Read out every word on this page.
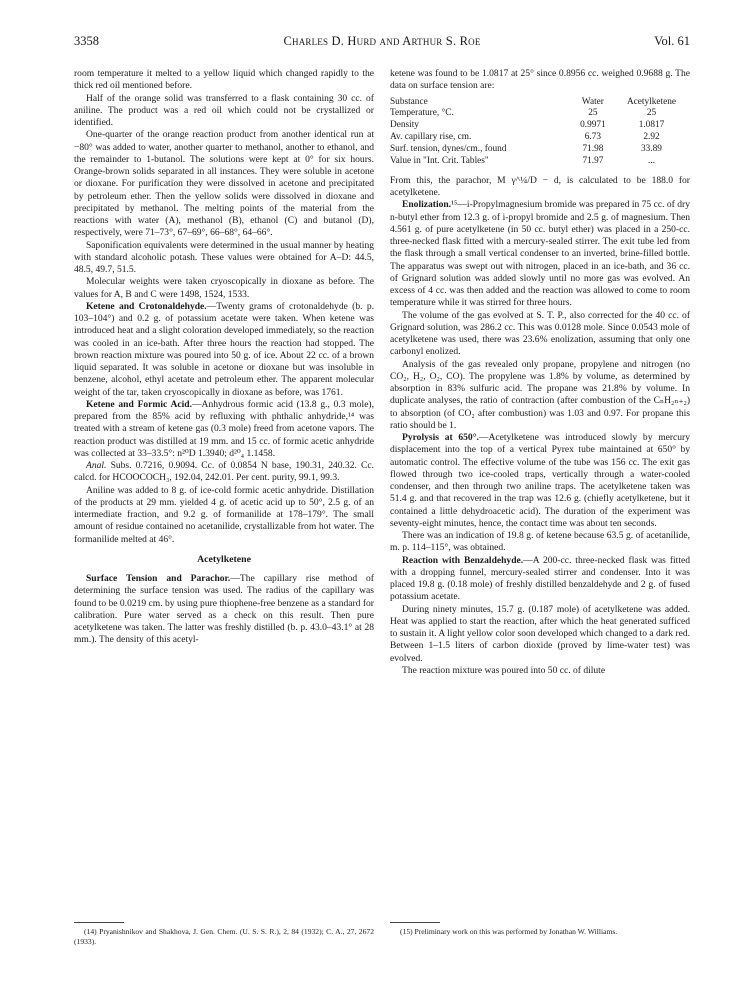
3358	Charles D. Hurd and Arthur S. Roe	Vol. 61

room temperature it melted to a yellow liquid which changed rapidly to the thick red oil mentioned before.

Half of the orange solid was transferred to a flask containing 30 cc. of aniline. The product was a red oil which could not be crystallized or identified.

One-quarter of the orange reaction product from another identical run at −80° was added to water, another quarter to methanol, another to ethanol, and the remainder to 1-butanol. The solutions were kept at 0° for six hours. Orange-brown solids separated in all instances. They were soluble in acetone or dioxane. For purification they were dissolved in acetone and precipitated by petroleum ether. Then the yellow solids were dissolved in dioxane and precipitated by methanol. The melting points of the material from the reactions with water (A), methanol (B), ethanol (C) and butanol (D), respectively, were 71–73°, 67–69°, 66–68°, 64–66°.

Saponification equivalents were determined in the usual manner by heating with standard alcoholic potash. These values were obtained for A–D: 44.5, 48.5, 49.7, 51.5.

Molecular weights were taken cryoscopically in dioxane as before. The values for A, B and C were 1498, 1524, 1533.

Ketene and Crotonaldehyde.—Twenty grams of crotonaldehyde (b. p. 103–104°) and 0.2 g. of potassium acetate were taken. When ketene was introduced heat and a slight coloration developed immediately, so the reaction was cooled in an ice-bath. After three hours the reaction had stopped. The brown reaction mixture was poured into 50 g. of ice. About 22 cc. of a brown liquid separated. It was soluble in acetone or dioxane but was insoluble in benzene, alcohol, ethyl acetate and petroleum ether. The apparent molecular weight of the tar, taken cryoscopically in dioxane as before, was 1761.

Ketene and Formic Acid.—Anhydrous formic acid (13.8 g., 0.3 mole), prepared from the 85% acid by refluxing with phthalic anhydride,¹⁴ was treated with a stream of ketene gas (0.3 mole) freed from acetone vapors. The reaction product was distilled at 19 mm. and 15 cc. of formic acetic anhydride was collected at 33–33.5°: n²⁰D 1.3940; d²⁰₄ 1.1458.

Anal. Subs. 0.7216, 0.9094. Cc. of 0.0854 N base, 190.31, 240.32. Cc. calcd. for HCOOCOCH₃, 192.04, 242.01. Per cent. purity, 99.1, 99.3.

Aniline was added to 8 g. of ice-cold formic acetic anhydride. Distillation of the products at 29 mm. yielded 4 g. of acetic acid up to 50°, 2.5 g. of an intermediate fraction, and 9.2 g. of formanilide at 178–179°. The small amount of residue contained no acetanilide, crystallizable from hot water. The formanilide melted at 46°.

Acetylketene

Surface Tension and Parachor.—The capillary rise method of determining the surface tension was used. The radius of the capillary was found to be 0.0219 cm. by using pure thiophene-free benzene as a standard for calibration. Pure water served as a check on this result. Then pure acetylketene was taken. The latter was freshly distilled (b. p. 43.0–43.1° at 28 mm.). The density of this acetyl-

ketene was found to be 1.0817 at 25° since 0.8956 cc. weighed 0.9688 g. The data on surface tension are:

Substance	Water	Acetylketene
Temperature, °C.	25	25
Density	0.9971	1.0817
Av. capillary rise, cm.	6.73	2.92
Surf. tension, dynes/cm., found	71.98	33.89
Value in "Int. Crit. Tables"	71.97	...

From this, the parachor, M γ^¼/D − d, is calculated to be 188.0 for acetylketene.

Enolization.¹⁵—i-Propylmagnesium bromide was prepared in 75 cc. of dry n-butyl ether from 12.3 g. of i-propyl bromide and 2.5 g. of magnesium. Then 4.561 g. of pure acetylketene (in 50 cc. butyl ether) was placed in a 250-cc. three-necked flask fitted with a mercury-sealed stirrer. The exit tube led from the flask through a small vertical condenser to an inverted, brine-filled bottle. The apparatus was swept out with nitrogen, placed in an ice-bath, and 36 cc. of Grignard solution was added slowly until no more gas was evolved. An excess of 4 cc. was then added and the reaction was allowed to come to room temperature while it was stirred for three hours.

The volume of the gas evolved at S. T. P., also corrected for the 40 cc. of Grignard solution, was 286.2 cc. This was 0.0128 mole. Since 0.0543 mole of acetylketene was used, there was 23.6% enolization, assuming that only one carbonyl enolized.

Analysis of the gas revealed only propane, propylene and nitrogen (no CO₂, H₂, O₂, CO). The propylene was 1.8% by volume, as determined by absorption in 83% sulfuric acid. The propane was 21.8% by volume. In duplicate analyses, the ratio of contraction (after combustion of the CₙH₂ₙ₊₂) to absorption (of CO₂ after combustion) was 1.03 and 0.97. For propane this ratio should be 1.

Pyrolysis at 650°.—Acetylketene was introduced slowly by mercury displacement into the top of a vertical Pyrex tube maintained at 650° by automatic control. The effective volume of the tube was 156 cc. The exit gas flowed through two ice-cooled traps, vertically through a water-cooled condenser, and then through two aniline traps. The acetylketene taken was 51.4 g. and that recovered in the trap was 12.6 g. (chiefly acetylketene, but it contained a little dehydroacetic acid). The duration of the experiment was seventy-eight minutes, hence, the contact time was about ten seconds.

There was an indication of 19.8 g. of ketene because 63.5 g. of acetanilide, m. p. 114–115°, was obtained.

Reaction with Benzaldehyde.—A 200-cc. three-necked flask was fitted with a dropping funnel, mercury-sealed stirrer and condenser. Into it was placed 19.8 g. (0.18 mole) of freshly distilled benzaldehyde and 2 g. of fused potassium acetate.

During ninety minutes, 15.7 g. (0.187 mole) of acetylketene was added. Heat was applied to start the reaction, after which the heat generated sufficed to sustain it. A light yellow color soon developed which changed to a dark red. Between 1–1.5 liters of carbon dioxide (proved by lime-water test) was evolved.

The reaction mixture was poured into 50 cc. of dilute

(14) Pryanishnikov and Shakhova, J. Gen. Chem. (U. S. S. R.), 2, 84 (1932); C. A., 27, 2672 (1933).

(15) Preliminary work on this was performed by Jonathan W. Williams.
